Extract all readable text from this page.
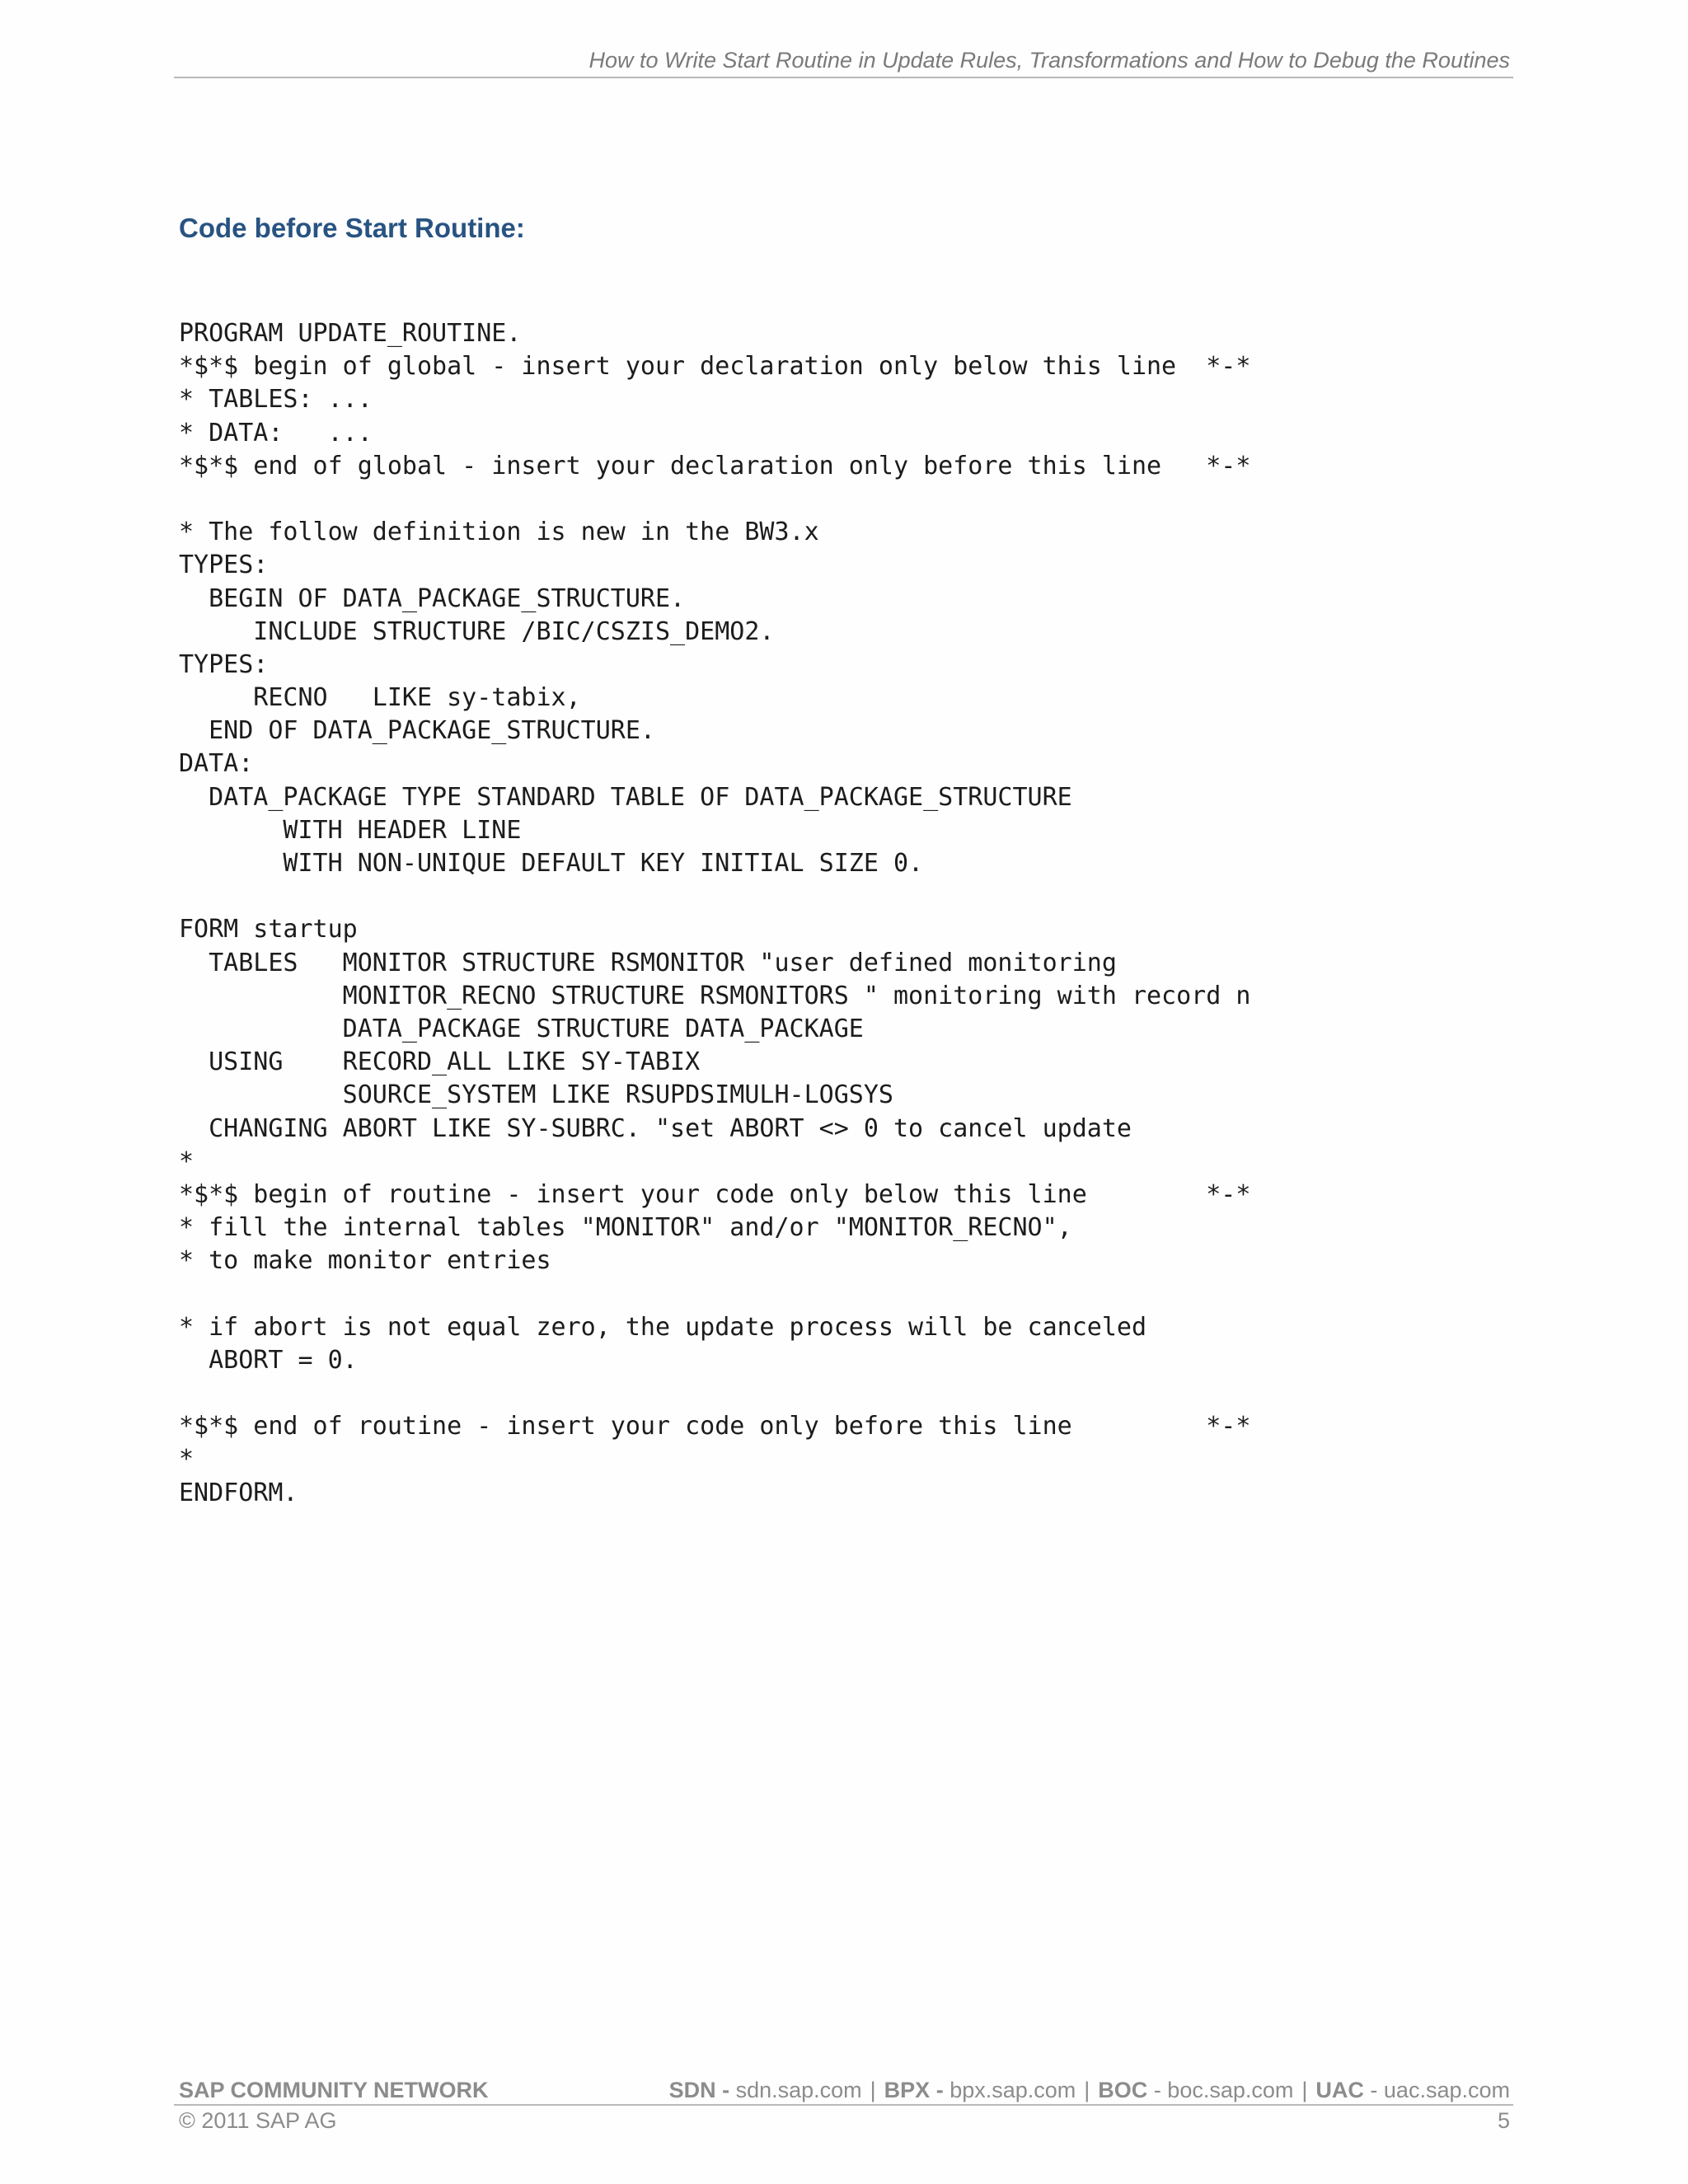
How to Write Start Routine in Update Rules, Transformations and How to Debug the Routines
Code before Start Routine:
PROGRAM UPDATE_ROUTINE.
*$*$ begin of global - insert your declaration only below this line  *-*
* TABLES: ...
* DATA:   ...
*$*$ end of global - insert your declaration only before this line   *-*
* The follow definition is new in the BW3.x
TYPES:
BEGIN OF DATA_PACKAGE_STRUCTURE.
INCLUDE STRUCTURE /BIC/CSZIS_DEMO2.
TYPES:
RECNO   LIKE sy-tabix,
END OF DATA_PACKAGE_STRUCTURE.
DATA:
DATA_PACKAGE TYPE STANDARD TABLE OF DATA_PACKAGE_STRUCTURE
WITH HEADER LINE
WITH NON-UNIQUE DEFAULT KEY INITIAL SIZE 0.
FORM startup
TABLES   MONITOR STRUCTURE RSMONITOR "user defined monitoring
MONITOR_RECNO STRUCTURE RSMONITORS " monitoring with record n
DATA_PACKAGE STRUCTURE DATA_PACKAGE
USING    RECORD_ALL LIKE SY-TABIX
SOURCE_SYSTEM LIKE RSUPDSIMULH-LOGSYS
CHANGING ABORT LIKE SY-SUBRC. "set ABORT <> 0 to cancel update
*
*$*$ begin of routine - insert your code only below this line        *-*
* fill the internal tables "MONITOR" and/or "MONITOR_RECNO",
* to make monitor entries
* if abort is not equal zero, the update process will be canceled
ABORT = 0.
*$*$ end of routine - insert your code only before this line         *-*
*
ENDFORM.
SAP COMMUNITY NETWORK	SDN - sdn.sap.com | BPX - bpx.sap.com | BOC - boc.sap.com | UAC - uac.sap.com
© 2011 SAP AG	5
